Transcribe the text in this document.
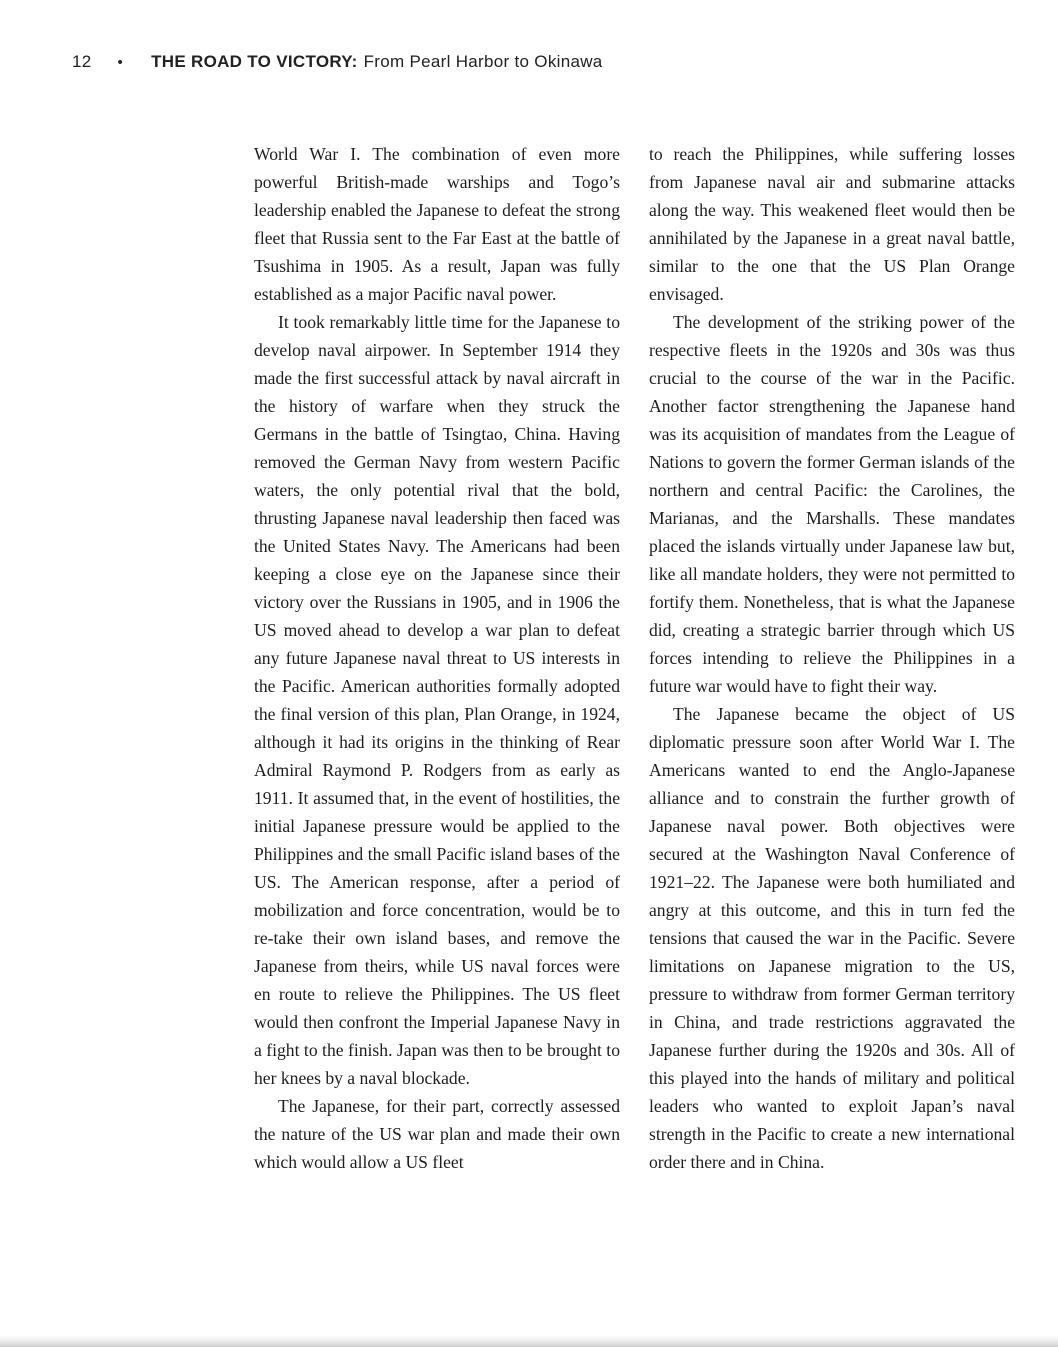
12 • THE ROAD TO VICTORY: From Pearl Harbor to Okinawa

World War I. The combination of even more powerful British-made warships and Togo’s leadership enabled the Japanese to defeat the strong fleet that Russia sent to the Far East at the battle of Tsushima in 1905. As a result, Japan was fully established as a major Pacific naval power.

It took remarkably little time for the Japanese to develop naval airpower. In September 1914 they made the first successful attack by naval aircraft in the history of warfare when they struck the Germans in the battle of Tsingtao, China. Having removed the German Navy from western Pacific waters, the only potential rival that the bold, thrusting Japanese naval leadership then faced was the United States Navy. The Americans had been keeping a close eye on the Japanese since their victory over the Russians in 1905, and in 1906 the US moved ahead to develop a war plan to defeat any future Japanese naval threat to US interests in the Pacific. American authorities formally adopted the final version of this plan, Plan Orange, in 1924, although it had its origins in the thinking of Rear Admiral Raymond P. Rodgers from as early as 1911. It assumed that, in the event of hostilities, the initial Japanese pressure would be applied to the Philippines and the small Pacific island bases of the US. The American response, after a period of mobilization and force concentration, would be to re-take their own island bases, and remove the Japanese from theirs, while US naval forces were en route to relieve the Philippines. The US fleet would then confront the Imperial Japanese Navy in a fight to the finish. Japan was then to be brought to her knees by a naval blockade.

The Japanese, for their part, correctly assessed the nature of the US war plan and made their own which would allow a US fleet

to reach the Philippines, while suffering losses from Japanese naval air and submarine attacks along the way. This weakened fleet would then be annihilated by the Japanese in a great naval battle, similar to the one that the US Plan Orange envisaged.

The development of the striking power of the respective fleets in the 1920s and 30s was thus crucial to the course of the war in the Pacific. Another factor strengthening the Japanese hand was its acquisition of mandates from the League of Nations to govern the former German islands of the northern and central Pacific: the Carolines, the Marianas, and the Marshalls. These mandates placed the islands virtually under Japanese law but, like all mandate holders, they were not permitted to fortify them. Nonetheless, that is what the Japanese did, creating a strategic barrier through which US forces intending to relieve the Philippines in a future war would have to fight their way.

The Japanese became the object of US diplomatic pressure soon after World War I. The Americans wanted to end the Anglo-Japanese alliance and to constrain the further growth of Japanese naval power. Both objectives were secured at the Washington Naval Conference of 1921–22. The Japanese were both humiliated and angry at this outcome, and this in turn fed the tensions that caused the war in the Pacific. Severe limitations on Japanese migration to the US, pressure to withdraw from former German territory in China, and trade restrictions aggravated the Japanese further during the 1920s and 30s. All of this played into the hands of military and political leaders who wanted to exploit Japan’s naval strength in the Pacific to create a new international order there and in China.
